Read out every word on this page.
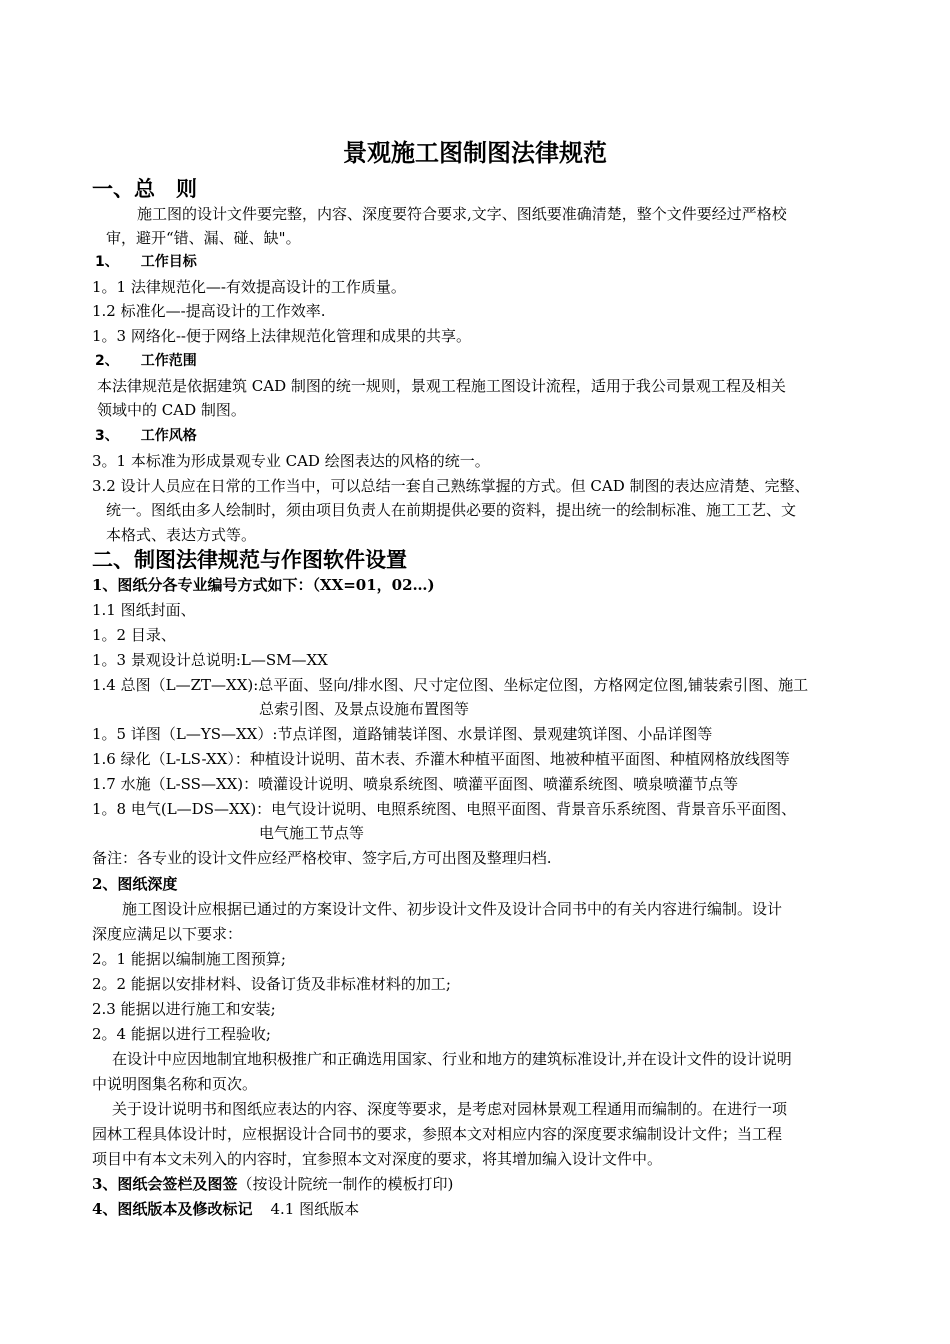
景观施工图制图法律规范
一、总　则
施工图的设计文件要完整，内容、深度要符合要求,文字、图纸要准确清楚，整个文件要经过严格校
审，避开“错、漏、碰、缺"。
1、 工作目标
1。1 法律规范化—-有效提高设计的工作质量。
1.2 标准化—-提高设计的工作效率.
1。3 网络化--便于网络上法律规范化管理和成果的共享。
2、 工作范围
本法律规范是依据建筑 CAD 制图的统一规则，景观工程施工图设计流程，适用于我公司景观工程及相关
领域中的 CAD 制图。
3、 工作风格
3。1 本标准为形成景观专业 CAD 绘图表达的风格的统一。
3.2 设计人员应在日常的工作当中，可以总结一套自己熟练掌握的方式。但 CAD 制图的表达应清楚、完整、
统一。图纸由多人绘制时，须由项目负责人在前期提供必要的资料，提出统一的绘制标准、施工工艺、文
本格式、表达方式等。
二、制图法律规范与作图软件设置
1、图纸分各专业编号方式如下：（XX=01，02…)
1.1 图纸封面、
1。2 目录、
1。3 景观设计总说明:L—SM—XX
1.4 总图（L—ZT—XX):总平面、竖向/排水图、尺寸定位图、坐标定位图，方格网定位图,铺装索引图、施工
总索引图、及景点设施布置图等
1。5 详图（L—YS—XX）:节点详图，道路铺装详图、水景详图、景观建筑详图、小品详图等
1.6 绿化（L-LS-XX）：种植设计说明、苗木表、乔灌木种植平面图、地被种植平面图、种植网格放线图等
1.7 水施（L-SS—XX)：喷灌设计说明、喷泉系统图、喷灌平面图、喷灌系统图、喷泉喷灌节点等
1。8 电气(L—DS—XX)：电气设计说明、电照系统图、电照平面图、背景音乐系统图、背景音乐平面图、
电气施工节点等
备注：各专业的设计文件应经严格校审、签字后,方可出图及整理归档.
2、图纸深度
施工图设计应根据已通过的方案设计文件、初步设计文件及设计合同书中的有关内容进行编制。设计
深度应满足以下要求：
2。1 能据以编制施工图预算;
2。2 能据以安排材料、设备订货及非标准材料的加工;
2.3 能据以进行施工和安装;
2。4 能据以进行工程验收;
在设计中应因地制宜地积极推广和正确选用国家、行业和地方的建筑标准设计,并在设计文件的设计说明
中说明图集名称和页次。
关于设计说明书和图纸应表达的内容、深度等要求，是考虑对园林景观工程通用而编制的。在进行一项
园林工程具体设计时，应根据设计合同书的要求，参照本文对相应内容的深度要求编制设计文件；当工程
项目中有本文未列入的内容时，宜参照本文对深度的要求，将其增加编入设计文件中。
3、图纸会签栏及图签（按设计院统一制作的模板打印)
4、图纸版本及修改标记 4.1 图纸版本
